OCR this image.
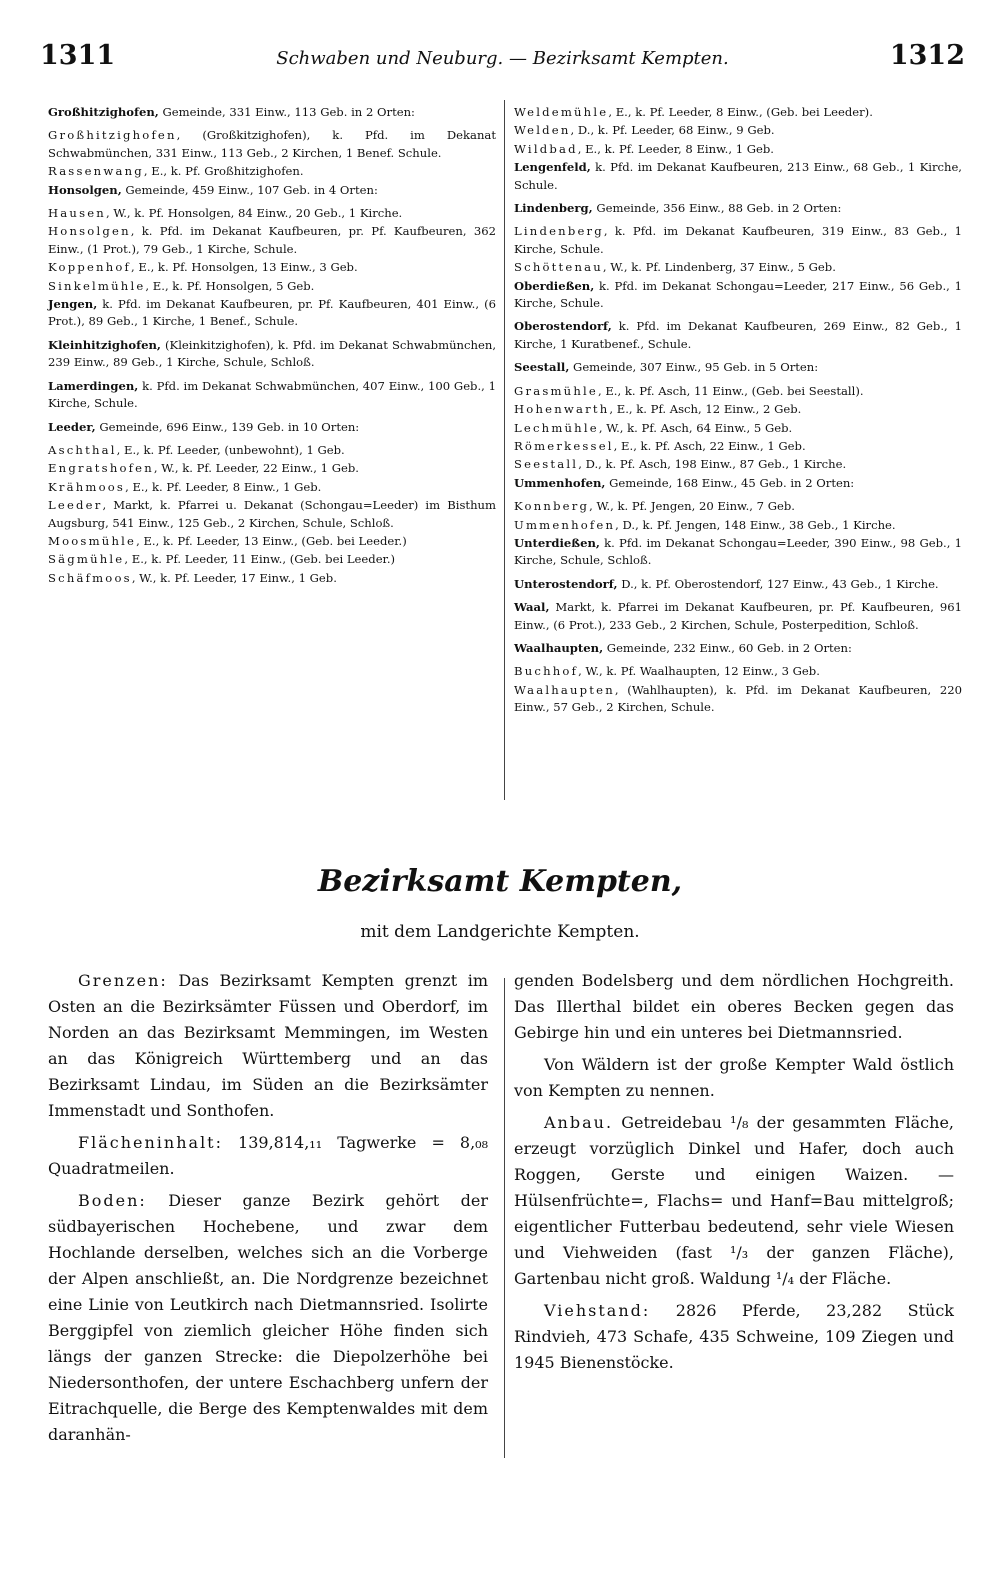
1311	Schwaben und Neuburg. — Bezirksamt Kempten.	1312
Großhitzighofen, Gemeinde, 331 Einw., 113 Geb. in 2 Orten:
Großhitzighofen, (Großkitzighofen), k. Pfd. im Dekanat Schwabmünchen, 331 Einw., 113 Geb., 2 Kirchen, 1 Benef. Schule.
Rassenwang, E., k. Pf. Großhitzighofen.
Honsolgen, Gemeinde, 459 Einw., 107 Geb. in 4 Orten:
Hausen, W., k. Pf. Honsolgen, 84 Einw., 20 Geb., 1 Kirche.
Honsolgen, k. Pfd. im Dekanat Kaufbeuren, pr. Pf. Kaufbeuren, 362 Einw., (1 Prot.), 79 Geb., 1 Kirche, Schule.
Koppenhof, E., k. Pf. Honsolgen, 13 Einw., 3 Geb.
Sinkelmühle, E., k. Pf. Honsolgen, 5 Geb.
Jengen, k. Pfd. im Dekanat Kaufbeuren, pr. Pf. Kaufbeuren, 401 Einw., (6 Prot.), 89 Geb., 1 Kirche, 1 Benef., Schule.
Kleinhitzighofen, (Kleinkitzighofen), k. Pfd. im Dekanat Schwabmünchen, 239 Einw., 89 Geb., 1 Kirche, Schule, Schloß.
Lamerdingen, k. Pfd. im Dekanat Schwabmünchen, 407 Einw., 100 Geb., 1 Kirche, Schule.
Leeder, Gemeinde, 696 Einw., 139 Geb. in 10 Orten:
Aschthal, E., k. Pf. Leeder, (unbewohnt), 1 Geb.
Engratshofen, W., k. Pf. Leeder, 22 Einw., 1 Geb.
Krähmoos, E., k. Pf. Leeder, 8 Einw., 1 Geb.
Leeder, Markt, k. Pfarrei u. Dekanat (Schongau=Leeder) im Bisthum Augsburg, 541 Einw., 125 Geb., 2 Kirchen, Schule, Schloß.
Moosmühle, E., k. Pf. Leeder, 13 Einw., (Geb. bei Leeder.)
Sägmühle, E., k. Pf. Leeder, 11 Einw., (Geb. bei Leeder.)
Schäfmoos, W., k. Pf. Leeder, 17 Einw., 1 Geb.
Weldemühle, E., k. Pf. Leeder, 8 Einw., (Geb. bei Leeder).
Welden, D., k. Pf. Leeder, 68 Einw., 9 Geb.
Wildbad, E., k. Pf. Leeder, 8 Einw., 1 Geb.
Lengenfeld, k. Pfd. im Dekanat Kaufbeuren, 213 Einw., 68 Geb., 1 Kirche, Schule.
Lindenberg, Gemeinde, 356 Einw., 88 Geb. in 2 Orten:
Lindenberg, k. Pfd. im Dekanat Kaufbeuren, 319 Einw., 83 Geb., 1 Kirche, Schule.
Schöttenau, W., k. Pf. Lindenberg, 37 Einw., 5 Geb.
Oberdießen, k. Pfd. im Dekanat Schongau=Leeder, 217 Einw., 56 Geb., 1 Kirche, Schule.
Oberostendorf, k. Pfd. im Dekanat Kaufbeuren, 269 Einw., 82 Geb., 1 Kirche, 1 Kuratbenef., Schule.
Seestall, Gemeinde, 307 Einw., 95 Geb. in 5 Orten:
Grasmühle, E., k. Pf. Asch, 11 Einw., (Geb. bei Seestall).
Hohenwarth, E., k. Pf. Asch, 12 Einw., 2 Geb.
Lechmühle, W., k. Pf. Asch, 64 Einw., 5 Geb.
Römerkessel, E., k. Pf. Asch, 22 Einw., 1 Geb.
Seestall, D., k. Pf. Asch, 198 Einw., 87 Geb., 1 Kirche.
Ummenhofen, Gemeinde, 168 Einw., 45 Geb. in 2 Orten:
Konnberg, W., k. Pf. Jengen, 20 Einw., 7 Geb.
Ummenhofen, D., k. Pf. Jengen, 148 Einw., 38 Geb., 1 Kirche.
Unterdießen, k. Pfd. im Dekanat Schongau=Leeder, 390 Einw., 98 Geb., 1 Kirche, Schule, Schloß.
Unterostendorf, D., k. Pf. Oberostendorf, 127 Einw., 43 Geb., 1 Kirche.
Waal, Markt, k. Pfarrei im Dekanat Kaufbeuren, pr. Pf. Kaufbeuren, 961 Einw., (6 Prot.), 233 Geb., 2 Kirchen, Schule, Posterpedition, Schloß.
Waalhaupten, Gemeinde, 232 Einw., 60 Geb. in 2 Orten:
Buchhof, W., k. Pf. Waalhaupten, 12 Einw., 3 Geb.
Waalhaupten, (Wahlhaupten), k. Pfd. im Dekanat Kaufbeuren, 220 Einw., 57 Geb., 2 Kirchen, Schule.
Bezirksamt Kempten,
mit dem Landgerichte Kempten.

Grenzen: Das Bezirksamt Kempten grenzt im Osten an die Bezirksämter Füssen und Oberdorf, im Norden an das Bezirksamt Memmingen, im Westen an das Königreich Württemberg und an das Bezirksamt Lindau, im Süden an die Bezirksämter Immenstadt und Sonthofen.

Flächeninhalt: 139,814,₁₁ Tagwerke = 8,₀₈ Quadratmeilen.

Boden: Dieser ganze Bezirk gehört der südbayerischen Hochebene, und zwar dem Hochlande derselben, welches sich an die Vorberge der Alpen anschließt, an. Die Nordgrenze bezeichnet eine Linie von Leutkirch nach Dietmannsried. Isolirte Berggipfel von ziemlich gleicher Höhe finden sich längs der ganzen Strecke: die Diepolzerhöhe bei Niedersonthofen, der untere Eschachberg unfern der Eitrachquelle, die Berge des Kemptenwaldes mit dem daranhän-

genden Bodelsberg und dem nördlichen Hochgreith. Das Illerthal bildet ein oberes Becken gegen das Gebirge hin und ein unteres bei Dietmannsried.

Von Wäldern ist der große Kempter Wald östlich von Kempten zu nennen.

Anbau. Getreidebau ¹/₈ der gesammten Fläche, erzeugt vorzüglich Dinkel und Hafer, doch auch Roggen, Gerste und einigen Waizen. — Hülsenfrüchte=, Flachs= und Hanf=Bau mittelgroß; eigentlicher Futterbau bedeutend, sehr viele Wiesen und Viehweiden (fast ¹/₃ der ganzen Fläche), Gartenbau nicht groß. Waldung ¹/₄ der Fläche.

Viehstand: 2826 Pferde, 23,282 Stück Rindvieh, 473 Schafe, 435 Schweine, 109 Ziegen und 1945 Bienenstöcke.
